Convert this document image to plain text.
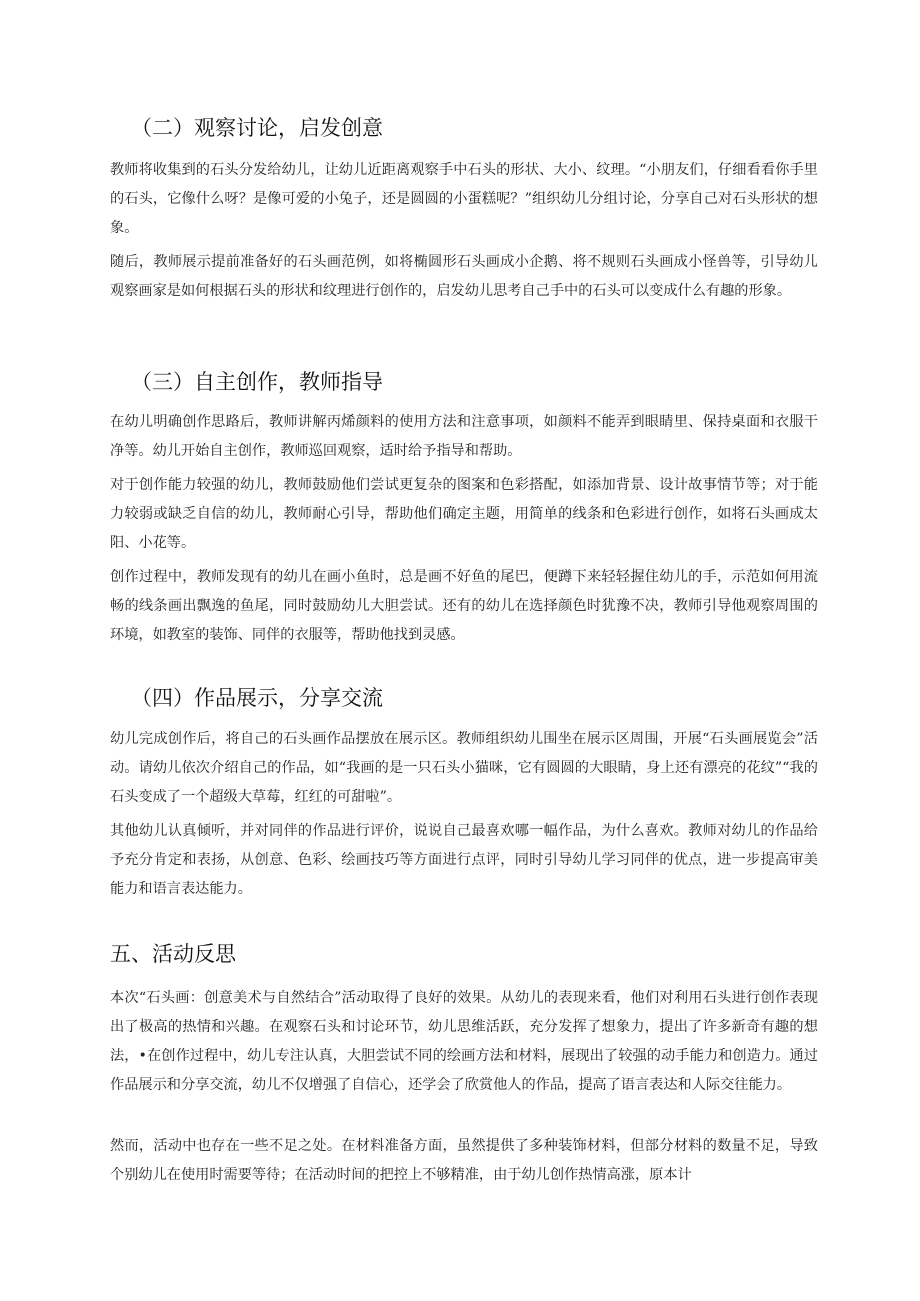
（二）观察讨论，启发创意

教师将收集到的石头分发给幼儿，让幼儿近距离观察手中石头的形状、大小、纹理。“小朋友们，仔细看看你手里的石头，它像什么呀？是像可爱的小兔子，还是圆圆的小蛋糕呢？”组织幼儿分组讨论，分享自己对石头形状的想象。

随后，教师展示提前准备好的石头画范例，如将椭圆形石头画成小企鹅、将不规则石头画成小怪兽等，引导幼儿观察画家是如何根据石头的形状和纹理进行创作的，启发幼儿思考自己手中的石头可以变成什么有趣的形象。

（三）自主创作，教师指导

在幼儿明确创作思路后，教师讲解丙烯颜料的使用方法和注意事项，如颜料不能弄到眼睛里、保持桌面和衣服干净等。幼儿开始自主创作，教师巡回观察，适时给予指导和帮助。

对于创作能力较强的幼儿，教师鼓励他们尝试更复杂的图案和色彩搭配，如添加背景、设计故事情节等；对于能力较弱或缺乏自信的幼儿，教师耐心引导，帮助他们确定主题，用简单的线条和色彩进行创作，如将石头画成太阳、小花等。

创作过程中，教师发现有的幼儿在画小鱼时，总是画不好鱼的尾巴，便蹲下来轻轻握住幼儿的手，示范如何用流畅的线条画出飘逸的鱼尾，同时鼓励幼儿大胆尝试。还有的幼儿在选择颜色时犹豫不决，教师引导他观察周围的环境，如教室的装饰、同伴的衣服等，帮助他找到灵感。

（四）作品展示，分享交流

幼儿完成创作后，将自己的石头画作品摆放在展示区。教师组织幼儿围坐在展示区周围，开展“石头画展览会”活动。请幼儿依次介绍自己的作品，如“我画的是一只石头小猫咪，它有圆圆的大眼睛，身上还有漂亮的花纹”“我的石头变成了一个超级大草莓，红红的可甜啦”。

其他幼儿认真倾听，并对同伴的作品进行评价，说说自己最喜欢哪一幅作品，为什么喜欢。教师对幼儿的作品给予充分肯定和表扬，从创意、色彩、绘画技巧等方面进行点评，同时引导幼儿学习同伴的优点，进一步提高审美能力和语言表达能力。

五、活动反思

本次“石头画：创意美术与自然结合”活动取得了良好的效果。从幼儿的表现来看，他们对利用石头进行创作表现出了极高的热情和兴趣。在观察石头和讨论环节，幼儿思维活跃，充分发挥了想象力，提出了许多新奇有趣的想法，•在创作过程中，幼儿专注认真，大胆尝试不同的绘画方法和材料，展现出了较强的动手能力和创造力。通过作品展示和分享交流，幼儿不仅增强了自信心，还学会了欣赏他人的作品，提高了语言表达和人际交往能力。

然而，活动中也存在一些不足之处。在材料准备方面，虽然提供了多种装饰材料，但部分材料的数量不足，导致个别幼儿在使用时需要等待；在活动时间的把控上不够精准，由于幼儿创作热情高涨，原本计
